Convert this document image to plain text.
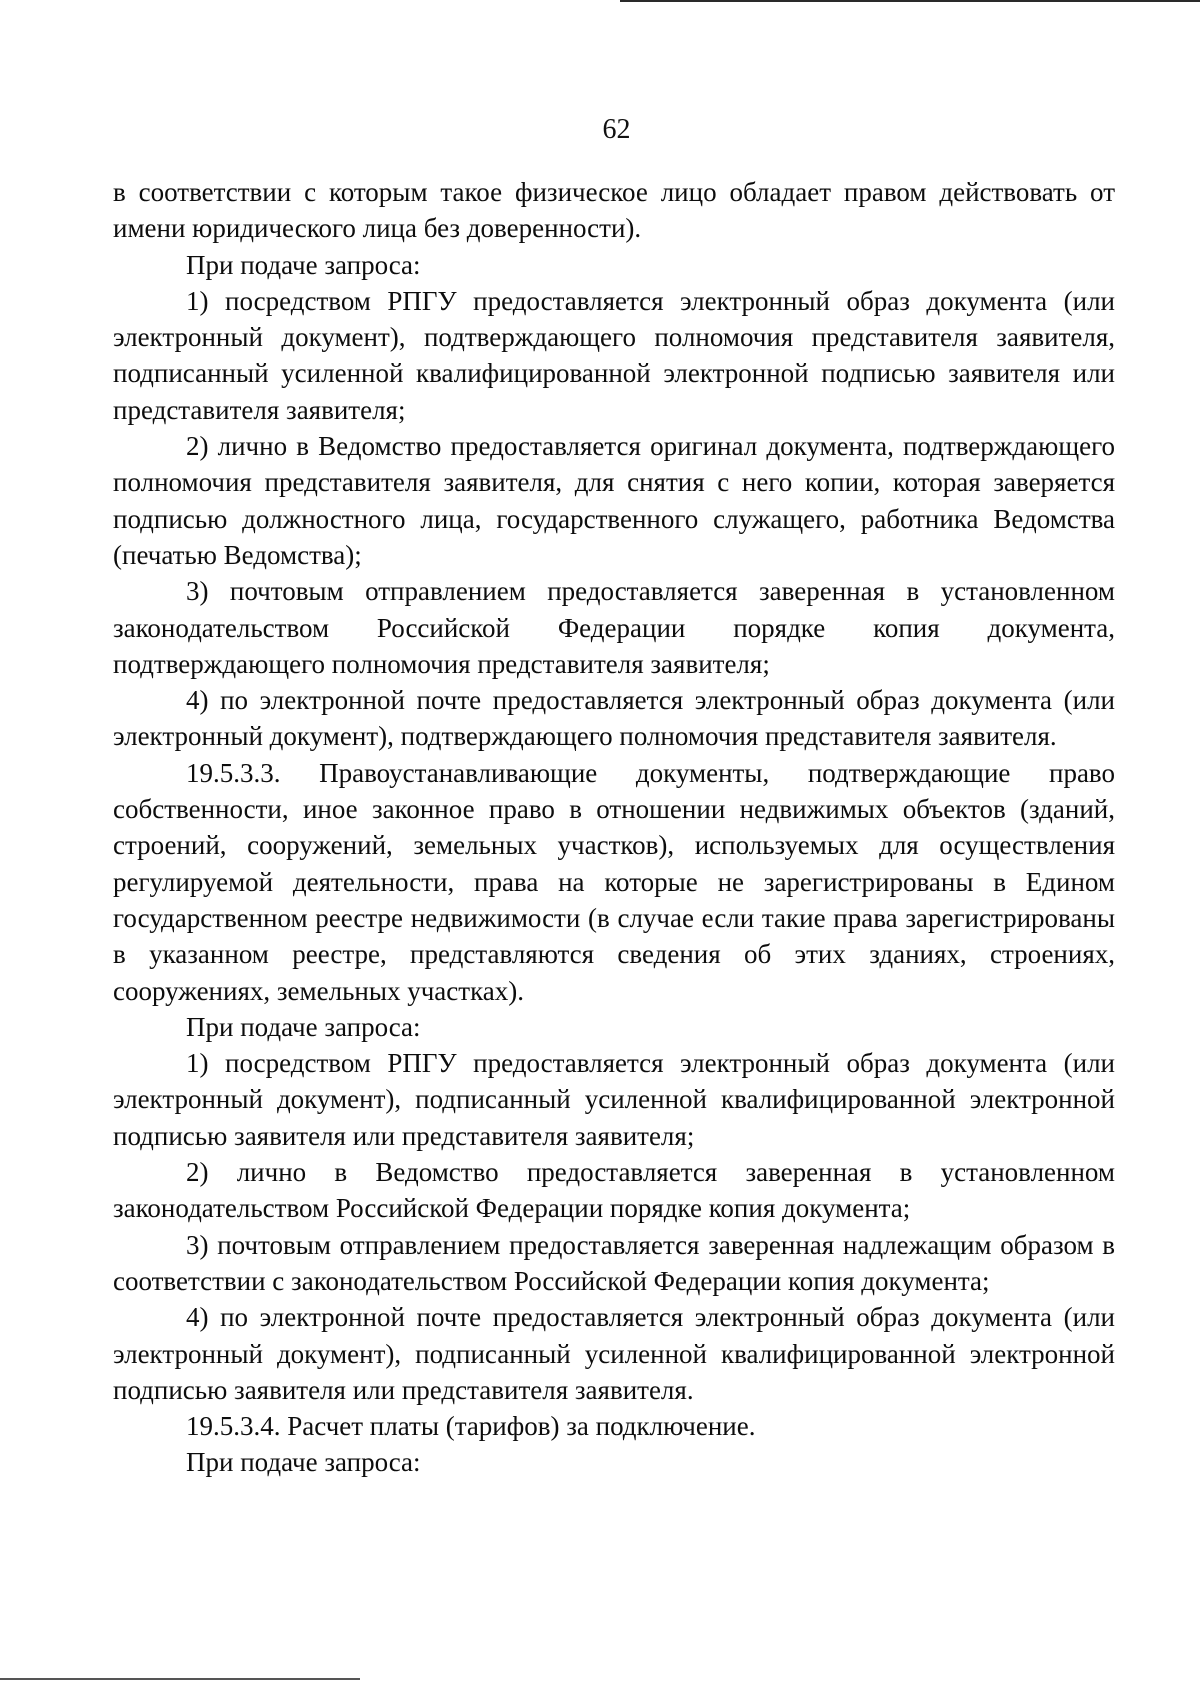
62

в соответствии с которым такое физическое лицо обладает правом действовать от имени юридического лица без доверенности).

При подаче запроса:

1) посредством РПГУ предоставляется электронный образ документа (или электронный документ), подтверждающего полномочия представителя заявителя, подписанный усиленной квалифицированной электронной подписью заявителя или представителя заявителя;

2) лично в Ведомство предоставляется оригинал документа, подтверждающего полномочия представителя заявителя, для снятия с него копии, которая заверяется подписью должностного лица, государственного служащего, работника Ведомства (печатью Ведомства);

3) почтовым отправлением предоставляется заверенная в установленном законодательством Российской Федерации порядке копия документа, подтверждающего полномочия представителя заявителя;

4) по электронной почте предоставляется электронный образ документа (или электронный документ), подтверждающего полномочия представителя заявителя.

19.5.3.3. Правоустанавливающие документы, подтверждающие право собственности, иное законное право в отношении недвижимых объектов (зданий, строений, сооружений, земельных участков), используемых для осуществления регулируемой деятельности, права на которые не зарегистрированы в Едином государственном реестре недвижимости (в случае если такие права зарегистрированы в указанном реестре, представляются сведения об этих зданиях, строениях, сооружениях, земельных участках).

При подаче запроса:

1) посредством РПГУ предоставляется электронный образ документа (или электронный документ), подписанный усиленной квалифицированной электронной подписью заявителя или представителя заявителя;

2) лично в Ведомство предоставляется заверенная в установленном законодательством Российской Федерации порядке копия документа;

3) почтовым отправлением предоставляется заверенная надлежащим образом в соответствии с законодательством Российской Федерации копия документа;

4) по электронной почте предоставляется электронный образ документа (или электронный документ), подписанный усиленной квалифицированной электронной подписью заявителя или представителя заявителя.

19.5.3.4. Расчет платы (тарифов) за подключение.

При подаче запроса:
